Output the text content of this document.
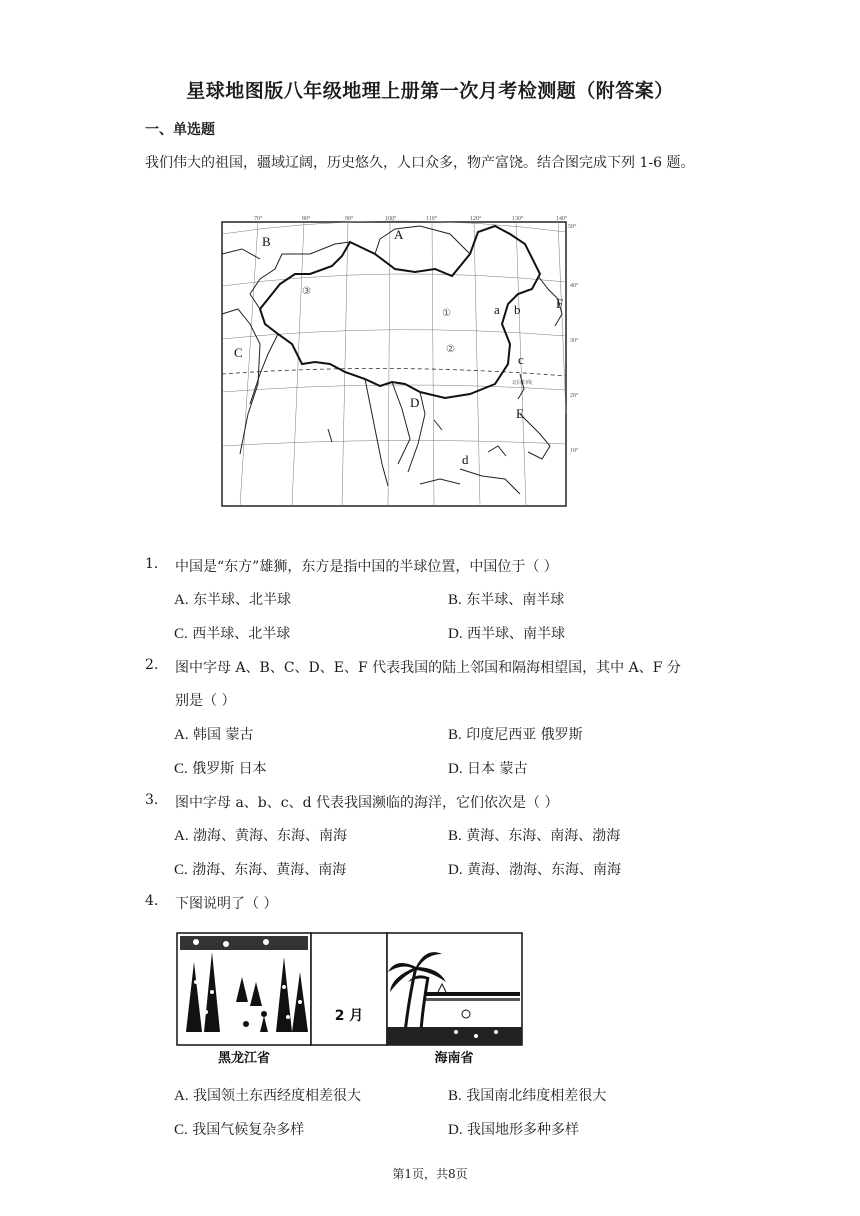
星球地图版八年级地理上册第一次月考检测题（附答案）
一、单选题
我们伟大的祖国，疆域辽阔，历史悠久，人口众多，物产富饶。结合图完成下列 1-6 题。
70°	80°	90°	100°	110°	120°	130°	140°
50°
40°
30°
20°
10°
北回归线
A
B
C
D
E
F
a b
c
d
①
②
③
1.	中国是“东方”雄狮，东方是指中国的半球位置，中国位于（ ）
A. 东半球、北半球	B. 东半球、南半球
C. 西半球、北半球	D. 西半球、南半球
2.	图中字母 A、B、C、D、E、F 代表我国的陆上邻国和隔海相望国，其中 A、F 分
别是（ ）
A. 韩国 蒙古	B. 印度尼西亚 俄罗斯
C. 俄罗斯 日本	D. 日本 蒙古
3.	图中字母 a、b、c、d 代表我国濒临的海洋，它们依次是（ ）
A. 渤海、黄海、东海、南海	B. 黄海、东海、南海、渤海
C. 渤海、东海、黄海、南海	D. 黄海、渤海、东海、南海
4.	下图说明了（ ）
2 月
黑龙江省	海南省
A. 我国领土东西经度相差很大	B. 我国南北纬度相差很大
C. 我国气候复杂多样	D. 我国地形多种多样
第1页，共8页
